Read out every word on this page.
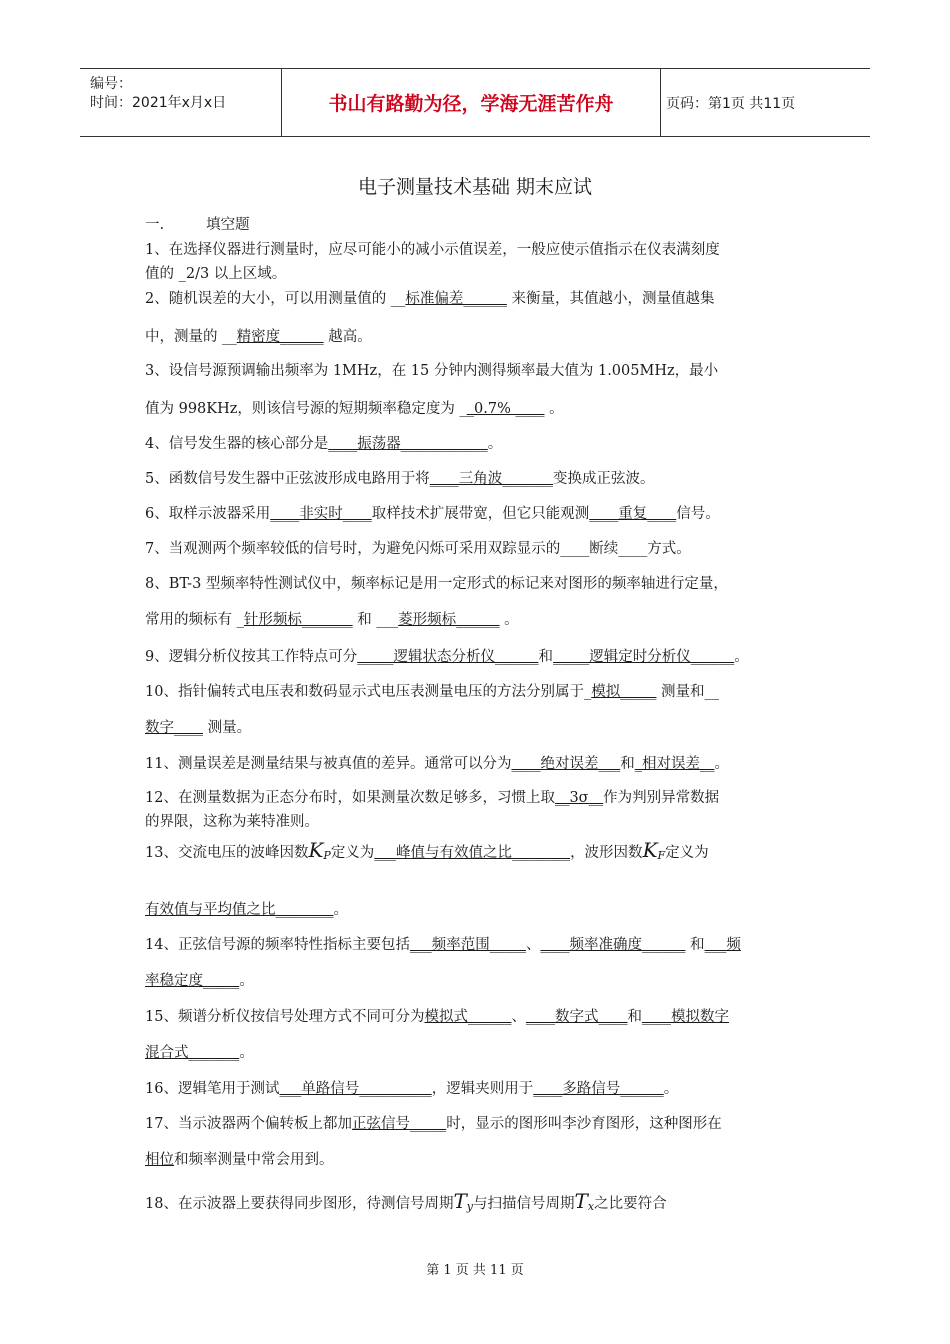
编号：
时间：2021年x月x日	书山有路勤为径，学海无涯苦作舟	页码：第1页 共11页
电子测量技术基础 期末应试
一.	填空题
1、在选择仪器进行测量时，应尽可能小的减小示值误差，一般应使示值指示在仪表满刻度
值的 _2/3 以上区域。
2、随机误差的大小，可以用测量值的 __标准偏差______ 来衡量，其值越小，测量值越集
中，测量的 __精密度______ 越高。
3、设信号源预调输出频率为 1MHz，在 15 分钟内测得频率最大值为 1.005MHz，最小
值为 998KHz，则该信号源的短期频率稳定度为 __0.7% ____ 。
4、信号发生器的核心部分是____振荡器____________。
5、函数信号发生器中正弦波形成电路用于将____三角波_______变换成正弦波。
6、取样示波器采用____非实时____取样技术扩展带宽，但它只能观测____重复____信号。
7、当观测两个频率较低的信号时，为避免闪烁可采用双踪显示的____断续____方式。
8、BT-3 型频率特性测试仪中，频率标记是用一定形式的标记来对图形的频率轴进行定量，
常用的频标有 _针形频标_______ 和 ___菱形频标______ 。
9、逻辑分析仪按其工作特点可分_____逻辑状态分析仪______和_____逻辑定时分析仪______。
10、指针偏转式电压表和数码显示式电压表测量电压的方法分别属于_模拟_____ 测量和__
数字____ 测量。
11、测量误差是测量结果与被真值的差异。通常可以分为____绝对误差___和_相对误差__。
12、在测量数据为正态分布时，如果测量次数足够多，习惯上取__3σ__作为判别异常数据
的界限，这称为莱特准则。
13、交流电压的波峰因数KP定义为___峰值与有效值之比________，波形因数KF定义为
有效值与平均值之比________。
14、正弦信号源的频率特性指标主要包括___频率范围_____、____频率准确度______ 和___频
率稳定度_____。
15、频谱分析仪按信号处理方式不同可分为模拟式______、____数字式____和____模拟数字
混合式_______。
16、逻辑笔用于测试___单路信号__________，逻辑夹则用于____多路信号______。
17、当示波器两个偏转板上都加正弦信号_____时，显示的图形叫李沙育图形，这种图形在
相位和频率测量中常会用到。
18、在示波器上要获得同步图形，待测信号周期Ty与扫描信号周期Tx之比要符合
第 1 页 共 11 页
